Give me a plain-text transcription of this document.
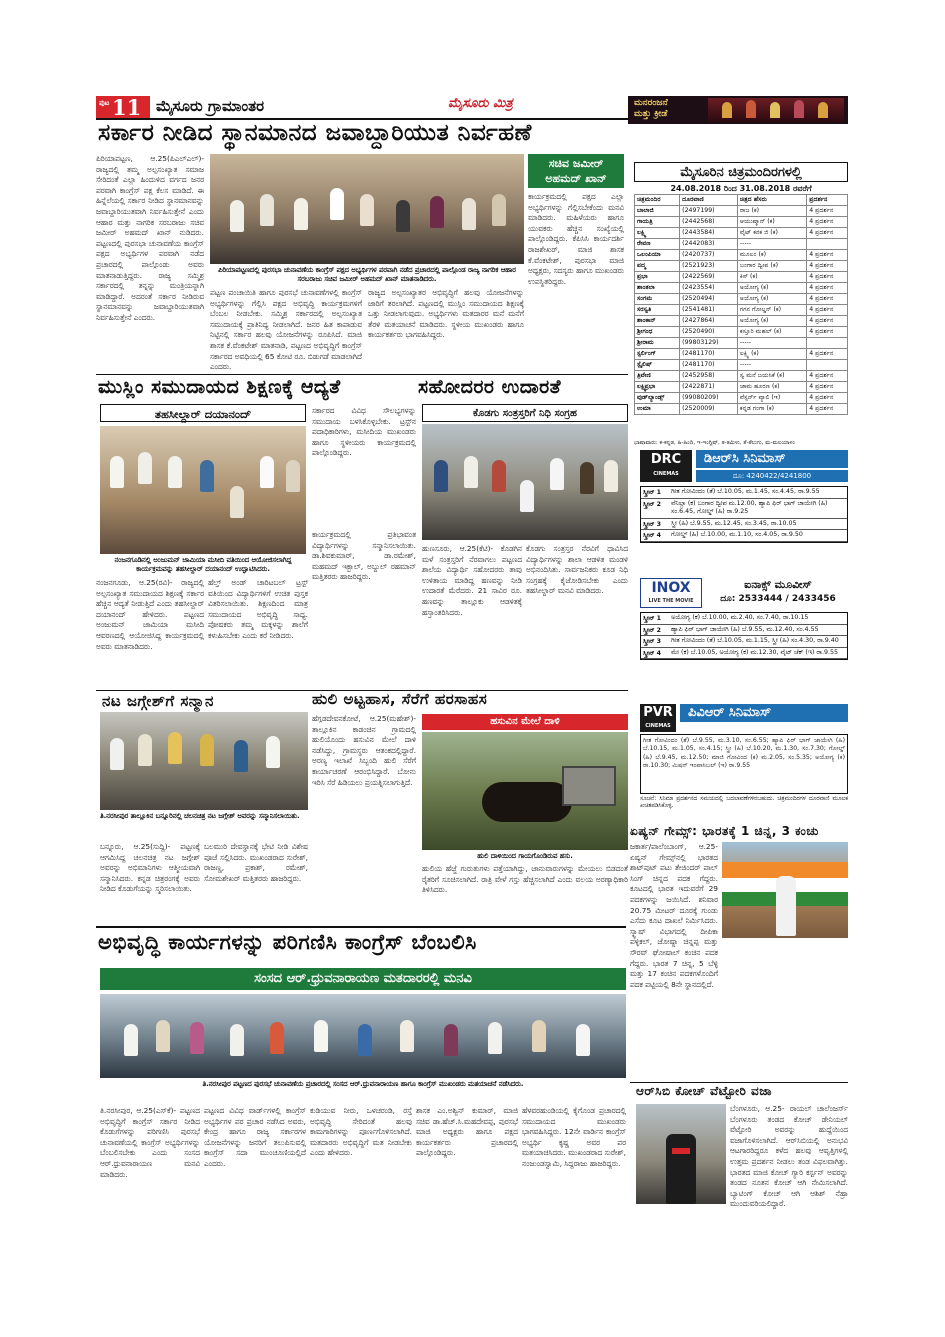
ಪುಟ 11 ಮೈಸೂರು ಗ್ರಾಮಾಂತರ	ಮೈಸೂರು ಮಿತ್ರ	ಮನರಂಜನೆ
ಮತ್ತು ಕ್ರೀಡೆ
ಸರ್ಕಾರ ನೀಡಿದ ಸ್ಥಾನಮಾನದ ಜವಾಬ್ದಾರಿಯುತ ನಿರ್ವಹಣೆ
ಪಿರಿಯಾಪಟ್ಟಣ, ಆ.25(ಪಿಎಲ್‌ಎಲ್)- ರಾಜ್ಯದಲ್ಲಿ ತಮ್ಮ ಅಲ್ಪಸಂಖ್ಯಾತ ಸಮಾಜ ಸೇರಿದಂತೆ ಎಲ್ಲಾ ಹಿಂದುಳಿದ ವರ್ಗದ ಜನರ ಪರವಾಗಿ ಕಾಂಗ್ರೆಸ್ ಪಕ್ಷ ಕೆಲಸ ಮಾಡಿದೆ. ಈ ಹಿನ್ನೆಲೆಯಲ್ಲಿ ಸರ್ಕಾರ ನೀಡಿದ ಸ್ಥಾನಮಾನವನ್ನು ಜವಾಬ್ದಾರಿಯುತವಾಗಿ ನಿರ್ವಹಿಸುತ್ತೇನೆ ಎಂದು ಆಹಾರ ಮತ್ತು ನಾಗರಿಕ ಸರಬರಾಜು ಸಚಿವ ಜಮೀರ್ ಅಹಮದ್ ಖಾನ್ ನುಡಿದರು. ಪಟ್ಟಣದಲ್ಲಿ ಪುರಸಭಾ ಚುನಾವಣೆಯ ಕಾಂಗ್ರೆಸ್ ಪಕ್ಷದ ಅಭ್ಯರ್ಥಿಗಳ ಪರವಾಗಿ ನಡೆದ ಪ್ರಚಾರದಲ್ಲಿ ಪಾಲ್ಗೊಂಡು ಅವರು ಮಾತನಾಡುತ್ತಿದ್ದರು. ರಾಜ್ಯ ಸಮ್ಮಿಶ್ರ ಸರ್ಕಾರದಲ್ಲಿ ತನ್ನನ್ನು ಮಂತ್ರಿಯನ್ನಾಗಿ ಮಾಡಿದ್ದಾರೆ. ಅದರಂತೆ ಸರ್ಕಾರ ನೀಡಿರುವ ಸ್ಥಾನಮಾನವನ್ನು ಜವಾಬ್ದಾರಿಯುತವಾಗಿ ನಿರ್ವಹಿಸುತ್ತೇನೆ ಎಂದರು.
ಪಿರಿಯಾಪಟ್ಟಣದಲ್ಲಿ ಪುರಸಭಾ ಚುನಾವಣೆಯ ಕಾಂಗ್ರೆಸ್ ಪಕ್ಷದ ಅಭ್ಯರ್ಥಿಗಳ ಪರವಾಗಿ ನಡೆದ ಪ್ರಚಾರದಲ್ಲಿ ಪಾಲ್ಗೊಂಡ ರಾಜ್ಯ ನಾಗರಿಕ ಆಹಾರ ಸರಬರಾಜು ಸಚಿವ ಜಮೀರ್ ಅಹಮದ್ ಖಾನ್ ಮಾತನಾಡಿದರು.
ಸಚಿವ ಜಮೀರ್
ಅಹಮದ್ ಖಾನ್
ಕಾರ್ಯಕ್ರಮದಲ್ಲಿ ಪಕ್ಷದ ಎಲ್ಲಾ ಅಭ್ಯರ್ಥಿಗಳನ್ನು ಗೆಲ್ಲಿಸಬೇಕೆಂದು ಮನವಿ ಮಾಡಿದರು. ಮಹಿಳೆಯರು ಹಾಗೂ ಯುವಕರು ಹೆಚ್ಚಿನ ಸಂಖ್ಯೆಯಲ್ಲಿ ಪಾಲ್ಗೊಂಡಿದ್ದರು. ಕೆಪಿಸಿಸಿ ಕಾರ್ಯದರ್ಶಿ ರಾಜಶೇಖರ್, ಮಾಜಿ ಶಾಸಕ ಕೆ.ವೆಂಕಟೇಶ್, ಪುರಸಭಾ ಮಾಜಿ ಅಧ್ಯಕ್ಷರು, ಸದಸ್ಯರು ಹಾಗೂ ಮುಖಂಡರು ಉಪಸ್ಥಿತರಿದ್ದರು.
ಪಟ್ಟಣ ಪಂಚಾಯಿತಿ ಹಾಗೂ ಪುರಸಭೆ ಚುನಾವಣೆಗಳಲ್ಲಿ ಕಾಂಗ್ರೆಸ್ ಅಭ್ಯರ್ಥಿಗಳನ್ನು ಗೆಲ್ಲಿಸಿ ಪಕ್ಷದ ಅಭಿವೃದ್ಧಿ ಕಾರ್ಯಕ್ರಮಗಳಿಗೆ ಬೆಂಬಲ ನೀಡಬೇಕು. ಸಮ್ಮಿಶ್ರ ಸರ್ಕಾರದಲ್ಲಿ ಅಲ್ಪಸಂಖ್ಯಾತ ಸಮುದಾಯಕ್ಕೆ ಪ್ರಾತಿನಿಧ್ಯ ನೀಡಲಾಗಿದೆ. ಜನರ ಹಿತ ಕಾಪಾಡುವ ನಿಟ್ಟಿನಲ್ಲಿ ಸರ್ಕಾರ ಹಲವು ಯೋಜನೆಗಳನ್ನು ರೂಪಿಸಿದೆ. ಮಾಜಿ ಶಾಸಕ ಕೆ.ವೆಂಕಟೇಶ್ ಮಾತನಾಡಿ, ಪಟ್ಟಣದ ಅಭಿವೃದ್ಧಿಗೆ ಕಾಂಗ್ರೆಸ್ ಸರ್ಕಾರದ ಅವಧಿಯಲ್ಲಿ 65 ಕೋಟಿ ರೂ. ಬಿಡುಗಡೆ ಮಾಡಲಾಗಿದೆ ಎಂದರು.
ರಾಜ್ಯದ ಅಲ್ಪಸಂಖ್ಯಾತರ ಅಭಿವೃದ್ಧಿಗೆ ಹಲವು ಯೋಜನೆಗಳನ್ನು ಜಾರಿಗೆ ತರಲಾಗಿದೆ. ಪಟ್ಟಣದಲ್ಲಿ ಮುಸ್ಲಿಂ ಸಮುದಾಯದ ಶಿಕ್ಷಣಕ್ಕೆ ಒತ್ತು ನೀಡಲಾಗುವುದು. ಅಭ್ಯರ್ಥಿಗಳು ಮತದಾರರ ಮನೆ ಮನೆಗೆ ತೆರಳಿ ಮತಯಾಚನೆ ಮಾಡಿದರು. ಸ್ಥಳೀಯ ಮುಖಂಡರು ಹಾಗೂ ಕಾರ್ಯಕರ್ತರು ಭಾಗವಹಿಸಿದ್ದರು.
ಮೈಸೂರಿನ ಚಿತ್ರಮಂದಿರಗಳಲ್ಲಿ
24.08.2018 ರಿಂದ 31.08.2018 ರವರೆಗೆ
ಚಿತ್ರಮಂದಿರ	ದೂರವಾಣಿ	ಚಿತ್ರದ ಹೆಸರು	ಪ್ರದರ್ಶನ
ಬಾಲಾಜಿ	(2497199)	ರಾಜ (ಕ)	4 ಪ್ರದರ್ಶನ
ಗಾಯತ್ರಿ	(2442568)	ಆಯುಷ್ಮಾನ್ (ಕ)	4 ಪ್ರದರ್ಶನ
ಲಕ್ಷ್ಮಿ	(2443584)	ವೈಟ್ ಕನಕ ಜಿ (ಕ)	4 ಪ್ರದರ್ಶನ
ರೇವಣ	(2442083)	-----	
ಒಲಂಪಿಯಾ	(2420737)	ಮೂಲಂ (ಕ)	4 ಪ್ರದರ್ಶನ
ಪದ್ಮ	(2521923)	ಬಂಗಾರ ದ್ವೀಪ (ಕ)	4 ಪ್ರದರ್ಶನ
ಪ್ರಭಾ	(2422569)	ಕಿಸ್ (ಕ)	4 ಪ್ರದರ್ಶನ
ಶಾಂತಲಾ	(2423554)	ಅಯೋಗ್ಯ (ಕ)	4 ಪ್ರದರ್ಶನ
ಸಂಗಮ	(2520494)	ಅಯೋಗ್ಯ (ಕ)	4 ಪ್ರದರ್ಶನ
ಸರಸ್ವತಿ	(2541481)	ಗಗನ ಗೋಲ್ಡನ್ (ಕ)	4 ಪ್ರದರ್ಶನ
ಶಾಂಕಾನ್	(2427864)	ಅಯೋಗ್ಯ (ಕ)	4 ಪ್ರದರ್ಶನ
ಶ್ರೀಗಂಧ	(2520490)	ಕಸ್ತೂರಿ ಮಹಲ್ (ಕ)	4 ಪ್ರದರ್ಶನ
ಶ್ರೀರಾಮ	(99803129)	-----	
ಸ್ಟರ್ಲಿಂಗ್	(2481170)	ಲಕ್ಷ್ಮಿ (ಕ)	4 ಪ್ರದರ್ಶನ
ಸ್ಟೈಲಿಷ್	(2481170)	-----	
ತ್ರಿವೇಣಿ	(2452958)	ಸ್ವ ಮನೆ ಜಯಸಿಕೆ (ಕ)	4 ಪ್ರದರ್ಶನ
ಲಕ್ಷ್ಮಿಪ್ರಭಾ	(2422871)	ಜಾಮ ಹೂರಣ (ಕ)	4 ಪ್ರದರ್ಶನ
ವುಡ್‌ಲ್ಯಾಂಡ್ಸ್	(99080209)	ವೆಸ್ಟರ್ನ್ ವ್ಯಾಲಿ (ಇ)	4 ಪ್ರದರ್ಶನ
ಉಮಾ	(2520009)	ಕನ್ನಡ ಗಂಗಾ (ಕ)	4 ಪ್ರದರ್ಶನ
ಭಾಷಾವಾರು: ಕ-ಕನ್ನಡ, ಹಿ-ಹಿಂದಿ, ಇ-ಇಂಗ್ಲಿಷ್, ತ-ತಮಿಳು, ತೆ-ತೆಲುಗು, ಮ-ಮಲಯಾಳಂ
ಮುಸ್ಲಿಂ ಸಮುದಾಯದ ಶಿಕ್ಷಣಕ್ಕೆ ಆದ್ಯತೆ	ಸಹೋದರರ ಉದಾರತೆ
ತಹಸೀಲ್ದಾರ್ ದಯಾನಂದ್
ನಂಜನಗೂಡಿನಲ್ಲಿ ಅಂಜುಮನ್ ಜಾಮಿಯಾ ಮಸೀದಿ ವತಿಯಿಂದ ಆಯೋಜಿಸಲಾಗಿದ್ದ ಕಾರ್ಯಕ್ರಮವನ್ನು ತಹಸೀಲ್ದಾರ್ ದಯಾನಂದ್ ಉದ್ಘಾಟಿಸಿದರು.
ನಂಜನಗೂಡು, ಆ.25(ರವಿ)- ರಾಜ್ಯದಲ್ಲಿ ಅಲ್ಪಸಂಖ್ಯಾತ ಸಮುದಾಯದ ಶಿಕ್ಷಣಕ್ಕೆ ಸರ್ಕಾರ ಹೆಚ್ಚಿನ ಆದ್ಯತೆ ನೀಡುತ್ತಿದೆ ಎಂದು ತಹಸೀಲ್ದಾರ್ ದಯಾನಂದ್ ಹೇಳಿದರು. ಪಟ್ಟಣದ ಅಂಜುಮನ್ ಜಾಮಿಯಾ ಮಸೀದಿ ಆವರಣದಲ್ಲಿ ಆಯೋಜಿಸಿದ್ದ ಕಾರ್ಯಕ್ರಮದಲ್ಲಿ ಅವರು ಮಾತನಾಡಿದರು.
ಹೆಲ್ತ್ ಅಂಡ್ ಚಾರಿಟಬಲ್ ಟ್ರಸ್ಟ್ ವತಿಯಿಂದ ವಿದ್ಯಾರ್ಥಿಗಳಿಗೆ ಉಚಿತ ಪುಸ್ತಕ ವಿತರಿಸಲಾಯಿತು. ಶಿಕ್ಷಣದಿಂದ ಮಾತ್ರ ಸಮುದಾಯದ ಅಭಿವೃದ್ಧಿ ಸಾಧ್ಯ. ಪೋಷಕರು ತಮ್ಮ ಮಕ್ಕಳನ್ನು ಶಾಲೆಗೆ ಕಳುಹಿಸಬೇಕು ಎಂದು ಕರೆ ನೀಡಿದರು.
ಸರ್ಕಾರದ ವಿವಿಧ ಸೌಲಭ್ಯಗಳನ್ನು ಸಮುದಾಯ ಬಳಸಿಕೊಳ್ಳಬೇಕು. ಟ್ರಸ್ಟ್‌ನ ಪದಾಧಿಕಾರಿಗಳು, ಮಸೀದಿಯ ಮುಖಂಡರು ಹಾಗೂ ಸ್ಥಳೀಯರು ಕಾರ್ಯಕ್ರಮದಲ್ಲಿ ಪಾಲ್ಗೊಂಡಿದ್ದರು.
ಕಾರ್ಯಕ್ರಮದಲ್ಲಿ ಪ್ರತಿಭಾವಂತ ವಿದ್ಯಾರ್ಥಿಗಳನ್ನು ಸನ್ಮಾನಿಸಲಾಯಿತು. ಡಾ.ಶಿವಕುಮಾರ್, ಡಾ.ರಮೇಶ್, ಮಹಮದ್ ಇಕ್ಬಾಲ್, ಅಬ್ದುಲ್ ರಹಮಾನ್ ಮತ್ತಿತರರು ಹಾಜರಿದ್ದರು.
ಕೊಡಗು ಸಂತ್ರಸ್ತರಿಗೆ ನಿಧಿ ಸಂಗ್ರಹ
ಹುಣಸೂರು, ಆ.25(ಕೆಟಿ)- ಕೊಡಗಿನ ಮಳೆ ಸಂತ್ರಸ್ತರಿಗೆ ನೆರವಾಗಲು ಪಟ್ಟಣದ ಶಾಲೆಯ ವಿದ್ಯಾರ್ಥಿ ಸಹೋದರರು ತಾವು ಉಳಿತಾಯ ಮಾಡಿದ್ದ ಹಣವನ್ನು ನೀಡಿ ಉದಾರತೆ ಮೆರೆದರು. 21 ಸಾವಿರ ರೂ. ಹಣವನ್ನು ತಾಲ್ಲೂಕು ಆಡಳಿತಕ್ಕೆ ಹಸ್ತಾಂತರಿಸಿದರು.
ಕೊಡಗು ಸಂತ್ರಸ್ತರ ನೆರವಿಗೆ ಧಾವಿಸಿದ ವಿದ್ಯಾರ್ಥಿಗಳನ್ನು ಶಾಲಾ ಆಡಳಿತ ಮಂಡಳಿ ಅಭಿನಂದಿಸಿತು. ಸಾರ್ವಜನಿಕರು ಕೂಡ ನಿಧಿ ಸಂಗ್ರಹಕ್ಕೆ ಕೈಜೋಡಿಸಬೇಕು ಎಂದು ತಹಸೀಲ್ದಾರ್ ಮನವಿ ಮಾಡಿದರು.
DRC
CINEMAS
ಡಿಆರ್‌ಸಿ ಸಿನಿಮಾಸ್
ದೂ: 4240422/4241800
ಸ್ಕ್ರೀನ್ 1 ಗೀತ ಗೋವಿಂದಂ (ತೆ) ಬೆ.10.05, ಮ.1.45, ಸಂ.4.45, ರಾ.9.55
ಸ್ಕ್ರೀನ್ 2 ವೆನಿಲ್ಲಾ (ಕ) ಬಂಗಾರ ದ್ವೀಪ ಮ.12.00, ಹ್ಯಾಪಿ ಫಿರ್ ಭಾಗ್ ಜಾಯೇಗಿ (ಹಿ) ಸಂ.6.45, ಗೋಲ್ಡ್ (ಹಿ) ರಾ.9.25
ಸ್ಕ್ರೀನ್ 3 ಸ್ತ್ರೀ (ಹಿ) ಬೆ.9.55, ಮ.12.45, ಸಂ.3.45, ರಾ.10.05
ಸ್ಕ್ರೀನ್ 4 ಗೋಲ್ಡ್ (ಹಿ) ಬೆ.10.00, ಮ.1.10, ಸಂ.4.05, ರಾ.9.50
INOX
LIVE THE MOVIE
ಐನಾಕ್ಸ್ ಮೂವೀಸ್
ದೂ: 2533444 / 2433456
ಸ್ಕ್ರೀನ್ 1 ಅಯೋಗ್ಯ (ಕ) ಬೆ.10.00, ಮ.2.40, ಸಂ.7.40, ರಾ.10.15
ಸ್ಕ್ರೀನ್ 2 ಹ್ಯಾಪಿ ಫಿರ್ ಭಾಗ್ ಜಾಯೇಗಿ (ಹಿ) ಬೆ.9.55, ಮ.12.40, ಸಂ.4.55
ಸ್ಕ್ರೀನ್ 3 ಗೀತ ಗೋವಿಂದಂ (ತೆ) ಬೆ.10.05, ಮ.1.15, ಸ್ತ್ರೀ (ಹಿ) ಸಂ.4.30, ರಾ.9.40
ಸ್ಕ್ರೀನ್ 4 ಮೇ (ಕ) ಬೆ.10.05, ಅಯೋಗ್ಯ (ಕ) ಮ.12.30, ವೈಟ್ ಚೆಕ್ (ಇ) ರಾ.9.55
PVR
CINEMAS
ಪಿವಿಆರ್ ಸಿನಿಮಾಸ್
ಗೀತ ಗೋವಿಂದಂ (ತೆ) ಬೆ.9.55, ಮ.3.10, ಸಂ.6.55; ಹ್ಯಾಪಿ ಫಿರ್ ಭಾಗ್ ಜಾಯೇಗಿ (ಹಿ) ಬೆ.10.15, ಮ.1.05, ಸಂ.4.15; ಸ್ತ್ರೀ (ಹಿ) ಬೆ.10.20, ಮ.1.30, ಸಂ.7.30; ಗೋಲ್ಡ್ (ಹಿ) ಬೆ.9.45, ಮ.12.50; ಮಾಜಿ ಗೋವಿಂದ (ಕ) ಮ.2.05, ಸಂ.5.35; ಅಯೋಗ್ಯ (ಕ) ರಾ.10.30; ಮಿಷನ್ ಇಂಪಾಸಿಬಲ್ (ಇ) ರಾ.9.55
ಸೂಚನೆ: ಸಿನಿಮಾ ಪ್ರದರ್ಶನದ ಸಮಯದಲ್ಲಿ ಬದಲಾವಣೆಗಳಿರಬಹುದು. ಚಿತ್ರಮಂದಿರಗಳ ದೂರವಾಣಿ ಮೂಲಕ ಖಚಿತಪಡಿಸಿಕೊಳ್ಳಿ.
ನಟ ಜಗ್ಗೇಶ್‌ಗೆ ಸನ್ಮಾನ
ತಿ.ನರಸೀಪುರ ತಾಲ್ಲೂಕಿನ ಬನ್ನೂರಿನಲ್ಲಿ ಚಲನಚಿತ್ರ ನಟ ಜಗ್ಗೇಶ್ ಅವರನ್ನು ಸನ್ಮಾನಿಸಲಾಯಿತು.
ಬನ್ನೂರು, ಆ.25(ಸುದ್ದಿ)- ಪಟ್ಟಣಕ್ಕೆ ಆಗಮಿಸಿದ್ದ ಚಲನಚಿತ್ರ ನಟ ಜಗ್ಗೇಶ್ ಅವರನ್ನು ಅಭಿಮಾನಿಗಳು ಆತ್ಮೀಯವಾಗಿ ಸನ್ಮಾನಿಸಿದರು. ಕನ್ನಡ ಚಿತ್ರರಂಗಕ್ಕೆ ಅವರು ನೀಡಿದ ಕೊಡುಗೆಯನ್ನು ಸ್ಮರಿಸಲಾಯಿತು.
ಬಲಮುರಿ ದೇವಸ್ಥಾನಕ್ಕೆ ಭೇಟಿ ನೀಡಿ ವಿಶೇಷ ಪೂಜೆ ಸಲ್ಲಿಸಿದರು. ಮುಖಂಡರಾದ ಸುರೇಶ್, ರಾಜಣ್ಣ, ಪ್ರಕಾಶ್, ರಮೇಶ್, ಸೋಮಶೇಖರ್ ಮತ್ತಿತರರು ಹಾಜರಿದ್ದರು.
ಹುಲಿ ಅಟ್ಟಹಾಸ, ಸೆರೆಗೆ ಹರಸಾಹಸ
ಹೆಗ್ಗಡದೇವನಕೋಟೆ, ಆ.25(ಮಹೇಶ್)- ತಾಲ್ಲೂಕಿನ ಕಾಡಂಚಿನ ಗ್ರಾಮದಲ್ಲಿ ಹುಲಿಯೊಂದು ಹಸುವಿನ ಮೇಲೆ ದಾಳಿ ನಡೆಸಿದ್ದು, ಗ್ರಾಮಸ್ಥರು ಆತಂಕದಲ್ಲಿದ್ದಾರೆ. ಅರಣ್ಯ ಇಲಾಖೆ ಸಿಬ್ಬಂದಿ ಹುಲಿ ಸೆರೆಗೆ ಕಾರ್ಯಾಚರಣೆ ಆರಂಭಿಸಿದ್ದಾರೆ. ಬೋನು ಇರಿಸಿ ಸೆರೆ ಹಿಡಿಯಲು ಪ್ರಯತ್ನಿಸಲಾಗುತ್ತಿದೆ.
ಹಸುವಿನ ಮೇಲೆ ದಾಳಿ
ಹುಲಿ ದಾಳಿಯಿಂದ ಗಾಯಗೊಂಡಿರುವ ಹಸು.
ಹುಲಿಯ ಹೆಜ್ಜೆ ಗುರುತುಗಳು ಪತ್ತೆಯಾಗಿದ್ದು, ಜಾನುವಾರುಗಳನ್ನು ಮೇಯಲು ಬಿಡದಂತೆ ರೈತರಿಗೆ ಸೂಚಿಸಲಾಗಿದೆ. ರಾತ್ರಿ ವೇಳೆ ಗಸ್ತು ಹೆಚ್ಚಿಸಲಾಗಿದೆ ಎಂದು ವಲಯ ಅರಣ್ಯಾಧಿಕಾರಿ ತಿಳಿಸಿದರು.
ಏಷ್ಯನ್ ಗೇಮ್ಸ್: ಭಾರತಕ್ಕೆ 1 ಚಿನ್ನ, 3 ಕಂಚು
ಜಕಾರ್ತ/ಪಾಲೆಂಬಾಂಗ್, ಆ.25- ಏಷ್ಯನ್ ಗೇಮ್ಸ್‌ನಲ್ಲಿ ಭಾರತದ ಶಾಟ್‌ಪುಟ್ ಪಟು ತೇಜಿಂದರ್ ಪಾಲ್ ಸಿಂಗ್ ಚಿನ್ನದ ಪದಕ ಗೆದ್ದರು. ಕೂಟದಲ್ಲಿ ಭಾರತ ಇದುವರೆಗೆ 29 ಪದಕಗಳನ್ನು ಜಯಿಸಿದೆ. ಶನಿವಾರ 20.75 ಮೀಟರ್ ದೂರಕ್ಕೆ ಗುಂಡು ಎಸೆದು ಕೂಟ ದಾಖಲೆ ನಿರ್ಮಿಸಿದರು. ಸ್ಕ್ವಾಷ್ ವಿಭಾಗದಲ್ಲಿ ದೀಪಿಕಾ ಪಳ್ಳಿಕಲ್, ಜೋಷ್ನಾ ಚಿನ್ನಪ್ಪ ಮತ್ತು ಸೌರವ್ ಘೋಷಾಲ್ ಕಂಚಿನ ಪದಕ ಗೆದ್ದರು. ಭಾರತ 7 ಚಿನ್ನ, 5 ಬೆಳ್ಳಿ ಮತ್ತು 17 ಕಂಚಿನ ಪದಕಗಳೊಂದಿಗೆ ಪದಕ ಪಟ್ಟಿಯಲ್ಲಿ 8ನೇ ಸ್ಥಾನದಲ್ಲಿದೆ.
ಅಭಿವೃದ್ಧಿ ಕಾರ್ಯಗಳನ್ನು ಪರಿಗಣಿಸಿ ಕಾಂಗ್ರೆಸ್ ಬೆಂಬಲಿಸಿ
ಸಂಸದ ಆರ್.ಧ್ರುವನಾರಾಯಣ ಮತದಾರರಲ್ಲಿ ಮನವಿ
ತಿ.ನರಸೀಪುರ ಪಟ್ಟಣದ ಪುರಸಭೆ ಚುನಾವಣೆಯ ಪ್ರಚಾರದಲ್ಲಿ ಸಂಸದ ಆರ್.ಧ್ರುವನಾರಾಯಣ ಹಾಗೂ ಕಾಂಗ್ರೆಸ್ ಮುಖಂಡರು ಮತಯಾಚನೆ ನಡೆಸಿದರು.
ತಿ.ನರಸೀಪುರ, ಆ.25(ಎಸ್‌ಕೆ)- ಪಟ್ಟಣದ ಅಭಿವೃದ್ಧಿಗೆ ಕಾಂಗ್ರೆಸ್ ಸರ್ಕಾರ ನೀಡಿದ ಕೊಡುಗೆಗಳನ್ನು ಪರಿಗಣಿಸಿ ಪುರಸಭೆ ಚುನಾವಣೆಯಲ್ಲಿ ಕಾಂಗ್ರೆಸ್ ಅಭ್ಯರ್ಥಿಗಳನ್ನು ಬೆಂಬಲಿಸಬೇಕು ಎಂದು ಸಂಸದ ಆರ್.ಧ್ರುವನಾರಾಯಣ ಮನವಿ ಮಾಡಿದರು.
ಪಟ್ಟಣದ ವಿವಿಧ ವಾರ್ಡ್‌ಗಳಲ್ಲಿ ಕಾಂಗ್ರೆಸ್ ಅಭ್ಯರ್ಥಿಗಳ ಪರ ಪ್ರಚಾರ ನಡೆಸಿದ ಅವರು, ಕೇಂದ್ರ ಹಾಗೂ ರಾಜ್ಯ ಸರ್ಕಾರಗಳ ಯೋಜನೆಗಳನ್ನು ಜನರಿಗೆ ತಲುಪಿಸುವಲ್ಲಿ ಕಾಂಗ್ರೆಸ್ ಸದಾ ಮುಂಚೂಣಿಯಲ್ಲಿದೆ ಎಂದರು.
ಕುಡಿಯುವ ನೀರು, ಒಳಚರಂಡಿ, ರಸ್ತೆ ಅಭಿವೃದ್ಧಿ ಸೇರಿದಂತೆ ಹಲವು ಕಾಮಗಾರಿಗಳನ್ನು ಪೂರ್ಣಗೊಳಿಸಲಾಗಿದೆ. ಮತದಾರರು ಅಭಿವೃದ್ಧಿಗೆ ಮತ ನೀಡಬೇಕು ಎಂದು ಹೇಳಿದರು.
ಶಾಸಕ ಎಂ.ಅಶ್ವಿನ್ ಕುಮಾರ್, ಮಾಜಿ ಸಚಿವ ಡಾ.ಹೆಚ್.ಸಿ.ಮಹದೇವಪ್ಪ, ಪುರಸಭೆ ಮಾಜಿ ಅಧ್ಯಕ್ಷರು ಹಾಗೂ ಪಕ್ಷದ ಕಾರ್ಯಕರ್ತರು ಪ್ರಚಾರದಲ್ಲಿ ಪಾಲ್ಗೊಂಡಿದ್ದರು.
ಹೆಳವರಹುಂಡಿಯಲ್ಲಿ ಕೈಗೊಂಡ ಪ್ರಚಾರದಲ್ಲಿ ಸಮುದಾಯದ ಮುಖಂಡರು ಭಾಗವಹಿಸಿದ್ದರು. 12ನೇ ವಾರ್ಡಿನ ಕಾಂಗ್ರೆಸ್ ಅಭ್ಯರ್ಥಿ ಕೃಷ್ಣ ಅವರ ಪರ ಮತಯಾಚಿಸಿದರು. ಮುಖಂಡರಾದ ಸುರೇಶ್, ನಂಜುಂಡಸ್ವಾಮಿ, ಸಿದ್ದರಾಜು ಹಾಜರಿದ್ದರು.
ಆರ್‌ಸಿಬಿ ಕೋಚ್ ವೆಟ್ಟೋರಿ ವಜಾ
ಬೆಂಗಳೂರು, ಆ.25- ರಾಯಲ್ ಚಾಲೆಂಜರ್ಸ್ ಬೆಂಗಳೂರು ತಂಡದ ಕೋಚ್ ಡೇನಿಯಲ್ ವೆಟ್ಟೋರಿ ಅವರನ್ನು ಹುದ್ದೆಯಿಂದ ವಜಾಗೊಳಿಸಲಾಗಿದೆ. ಆರ್‌ಸಿಬಿಯಲ್ಲಿ ಅನುಭವಿ ಆಟಗಾರರಿದ್ದರೂ ಕಳೆದ ಹಲವು ಆವೃತ್ತಿಗಳಲ್ಲಿ ಉತ್ತಮ ಪ್ರದರ್ಶನ ನೀಡಲು ತಂಡ ವಿಫಲವಾಗಿತ್ತು. ಭಾರತದ ಮಾಜಿ ಕೋಚ್ ಗ್ಯಾರಿ ಕರ್ಸ್ಟನ್ ಅವರನ್ನು ತಂಡದ ನೂತನ ಕೋಚ್ ಆಗಿ ನೇಮಿಸಲಾಗಿದೆ. ಬ್ಯಾಟಿಂಗ್ ಕೋಚ್ ಆಗಿ ಆಶಿಶ್ ನೆಹ್ರಾ ಮುಂದುವರಿಯಲಿದ್ದಾರೆ.
